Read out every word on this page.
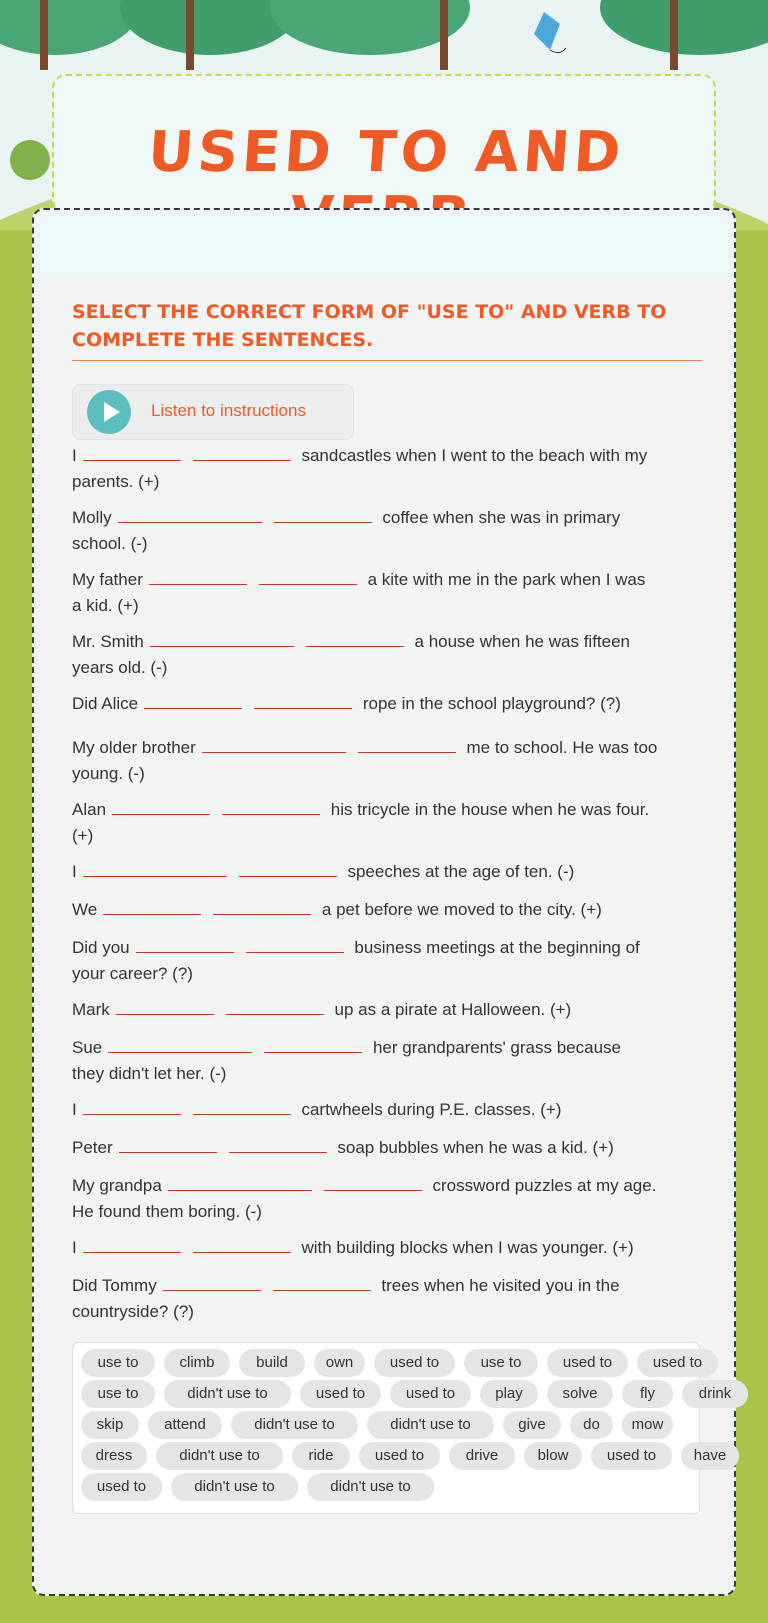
USED TO AND
SELECT THE CORRECT FORM OF "USE TO" AND VERB TO COMPLETE THE SENTENCES.
Listen to instructions
I	sandcastles when I went to the beach with my
parents. (+)
Molly	coffee when she was in primary
school. (-)
My father	a kite with me in the park when I was
a kid. (+)
Mr. Smith	a house when he was fifteen
years old. (-)
Did Alice	rope in the school playground? (?)
My older brother	me to school. He was too
young. (-)
Alan	his tricycle in the house when he was four.
(+)
I	speeches at the age of ten. (-)
We	a pet before we moved to the city. (+)
Did you	business meetings at the beginning of
your career? (?)
Mark	up as a pirate at Halloween. (+)
Sue	her grandparents' grass because
they didn't let her. (-)
I	cartwheels during P.E. classes. (+)
Peter	soap bubbles when he was a kid. (+)
My grandpa	crossword puzzles at my age.
He found them boring. (-)
I	with building blocks when I was younger. (+)
Did Tommy	trees when he visited you in the
countryside? (?)
use to	climb	build	own	used to	use to	used to	used to
use to	didn't use to	used to	used to	play	solve	fly	drink
skip	attend	didn't use to	didn't use to	give	do	mow
dress	didn't use to	ride	used to	drive	blow	used to	have
used to	didn't use to	didn't use to
